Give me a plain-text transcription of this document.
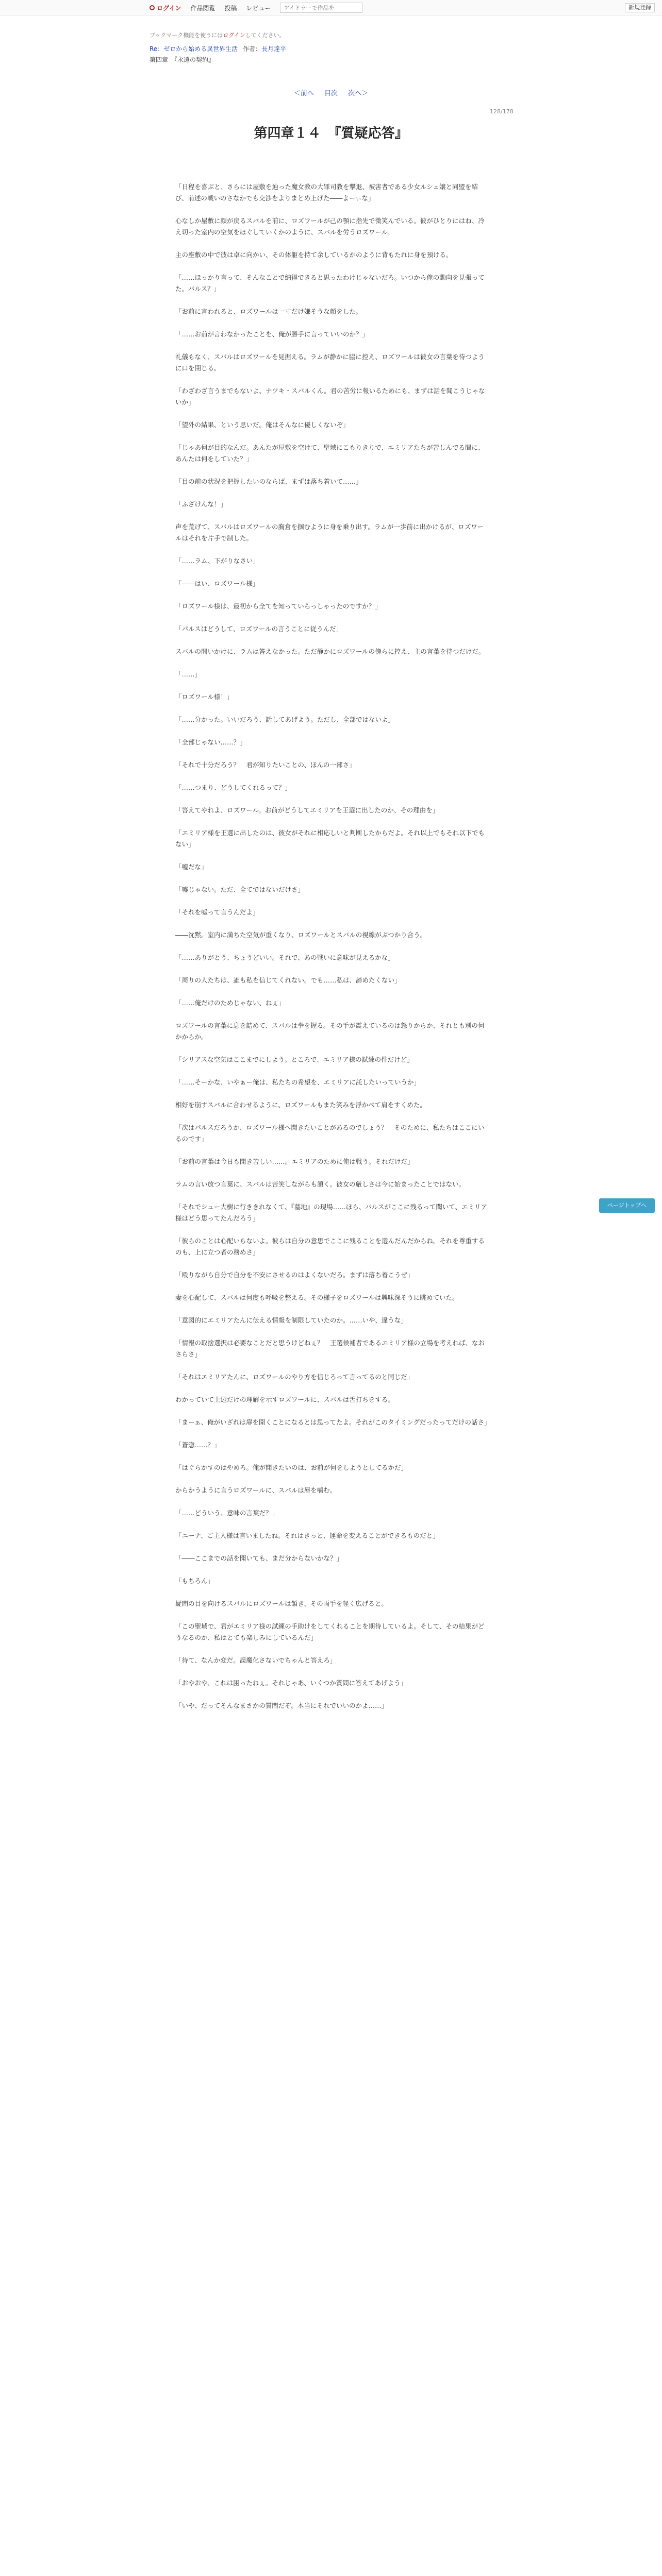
ログイン 作品閲覧 投稿 レビュー
アイドラーで作品を	新規登録
ブックマーク機能を使うにはログインしてください。
Re：ゼロから始める異世界生活 作者：長月達平
第四章　『永遠の契約』
＜前へ 目次 次へ＞
128/178
第四章１４　『質疑応答』

「日程を喜ぶと、さらには屋敷を辿った魔女教の大罪司教を撃退、被害者である少女ルシェ嬢と同盟を結び、前述の戦いのさなかでも交渉をよりまとめ上げた――よーぃな」

心なしか屋敷に顔が戻るスバルを前に、ロズワールが己の顎に指先で微笑んでいる。彼がひとりにはね、冷え切った室内の空気をほぐしていくかのように、スバルを労うロズワール。

主の座敷の中で彼は卓に向かい、その体躯を持て余しているかのように背もたれに身を預ける。

「……ほっかり言って、そんなことで納得できると思ったわけじゃないだろ。いつから俺の動向を見張ってた。パルス？」

「お前に言われると、ロズワールは一寸だけ嫌そうな顔をした。

「……お前が言わなかったことを、俺が勝手に言っていいのか？」

礼儀もなく、スバルはロズワールを見据える。ラムが静かに脇に控え、ロズワールは彼女の言葉を待つように口を閉じる。

「わざわざ言うまでもないよ、ナツキ・スバルくん。君の苦労に報いるためにも、まずは話を聞こうじゃないか」

「望外の結果、という思いだ。俺はそんなに優しくないぞ」

「じゃあ何が目的なんだ。あんたが屋敷を空けて、聖域にこもりきりで、エミリアたちが苦しんでる間に、あんたは何をしていた？」

「目の前の状況を把握したいのならば、まずは落ち着いて……」

「ふざけんな！」

声を荒げて、スバルはロズワールの胸倉を掴むように身を乗り出す。ラムが一歩前に出かけるが、ロズワールはそれを片手で制した。

「……ラム、下がりなさい」

「――はい、ロズワール様」

「ロズワール様は、最初から全てを知っていらっしゃったのですか？」

「パルスはどうして、ロズワールの言うことに従うんだ」

スバルの問いかけに、ラムは答えなかった。ただ静かにロズワールの傍らに控え、主の言葉を待つだけだ。

「……」

「ロズワール様！」

「……分かった。いいだろう、話してあげよう。ただし、全部ではないよ」

「全部じゃない……？」

「それで十分だろう？　君が知りたいことの、ほんの一部さ」

「……つまり、どうしてくれるって？」

「答えてやれよ、ロズワール。お前がどうしてエミリアを王選に出したのか、その理由を」

「エミリア様を王選に出したのは、彼女がそれに相応しいと判断したからだよ。それ以上でもそれ以下でもない」

「嘘だな」

「嘘じゃない。ただ、全てではないだけさ」

「それを嘘って言うんだよ」

――沈黙。室内に満ちた空気が重くなり、ロズワールとスバルの視線がぶつかり合う。

「……ありがとう、ちょうどいい。それで、あの戦いに意味が見えるかな」

「周りの人たちは、誰も私を信じてくれない。でも……私は、諦めたくない」

「……俺だけのためじゃない、ねぇ」

ロズワールの言葉に息を詰めて、スバルは拳を握る。その手が震えているのは怒りからか、それとも別の何かからか。

「シリアスな空気はここまでにしよう。ところで、エミリア様の試練の件だけど」

「……そーかな、いやぁー俺は、私たちの希望を、エミリアに託したいっていうか」

相好を崩すスバルに合わせるように、ロズワールもまた笑みを浮かべて肩をすくめた。

「次はパルスだろうか、ロズワール様へ聞きたいことがあるのでしょう？　そのために、私たちはここにいるのです」

「お前の言葉は今日も聞き苦しい……。エミリアのために俺は戦う。それだけだ」

ラムの言い放つ言葉に、スバルは苦笑しながらも頷く。彼女の厳しさは今に始まったことではない。

「それでシュー大樹に行ききれなくて、『墓地』の現場……ほら、パルスがここに残るって聞いて、エミリア様はどう思ってたんだろう」

「彼らのことは心配いらないよ。彼らは自分の意思でここに残ることを選んだんだからね。それを尊重するのも、上に立つ者の務めさ」

「殴りながら自分で自分を不安にさせるのはよくないだろ。まずは落ち着こうぜ」

妻を心配して、スバルは何度も呼吸を整える。その様子をロズワールは興味深そうに眺めていた。

「意図的にエミリアたんに伝える情報を制限していたのか。……いや、違うな」

「情報の取捨選択は必要なことだと思うけどねぇ？　王選候補者であるエミリア様の立場を考えれば、なおさらさ」

「それはエミリアたんに、ロズワールのやり方を信じろって言ってるのと同じだ」

わかっていて上辺だけの理解を示すロズワールに、スバルは舌打ちをする。

「まーぁ、俺がいざれは扉を開くことになるとは思ってたよ。それがこのタイミングだったってだけの話さ」

「蒼惣……？」

「はぐらかすのはやめろ。俺が聞きたいのは、お前が何をしようとしてるかだ」

からかうように言うロズワールに、スバルは唇を噛む。

「……どういう、意味の言葉だ？」

「ニーナ、ご主人様は言いましたね。それはきっと、運命を変えることができるものだと」

「――ここまでの話を聞いても、まだ分からないかな？」

「もちろん」

疑問の目を向けるスバルにロズワールは頷き、その両手を軽く広げると。

「この聖域で、君がエミリア様の試練の手助けをしてくれることを期待しているよ。そして、その結果がどうなるのか、私はとても楽しみにしているんだ」

「待て、なんか変だ。誤魔化さないでちゃんと答えろ」

「おやおや、これは困ったねぇ。それじゃあ、いくつか質問に答えてあげよう」

「いや、だってそんなまさかの質問だぞ。本当にそれでいいのかよ……」

ページトップへ
